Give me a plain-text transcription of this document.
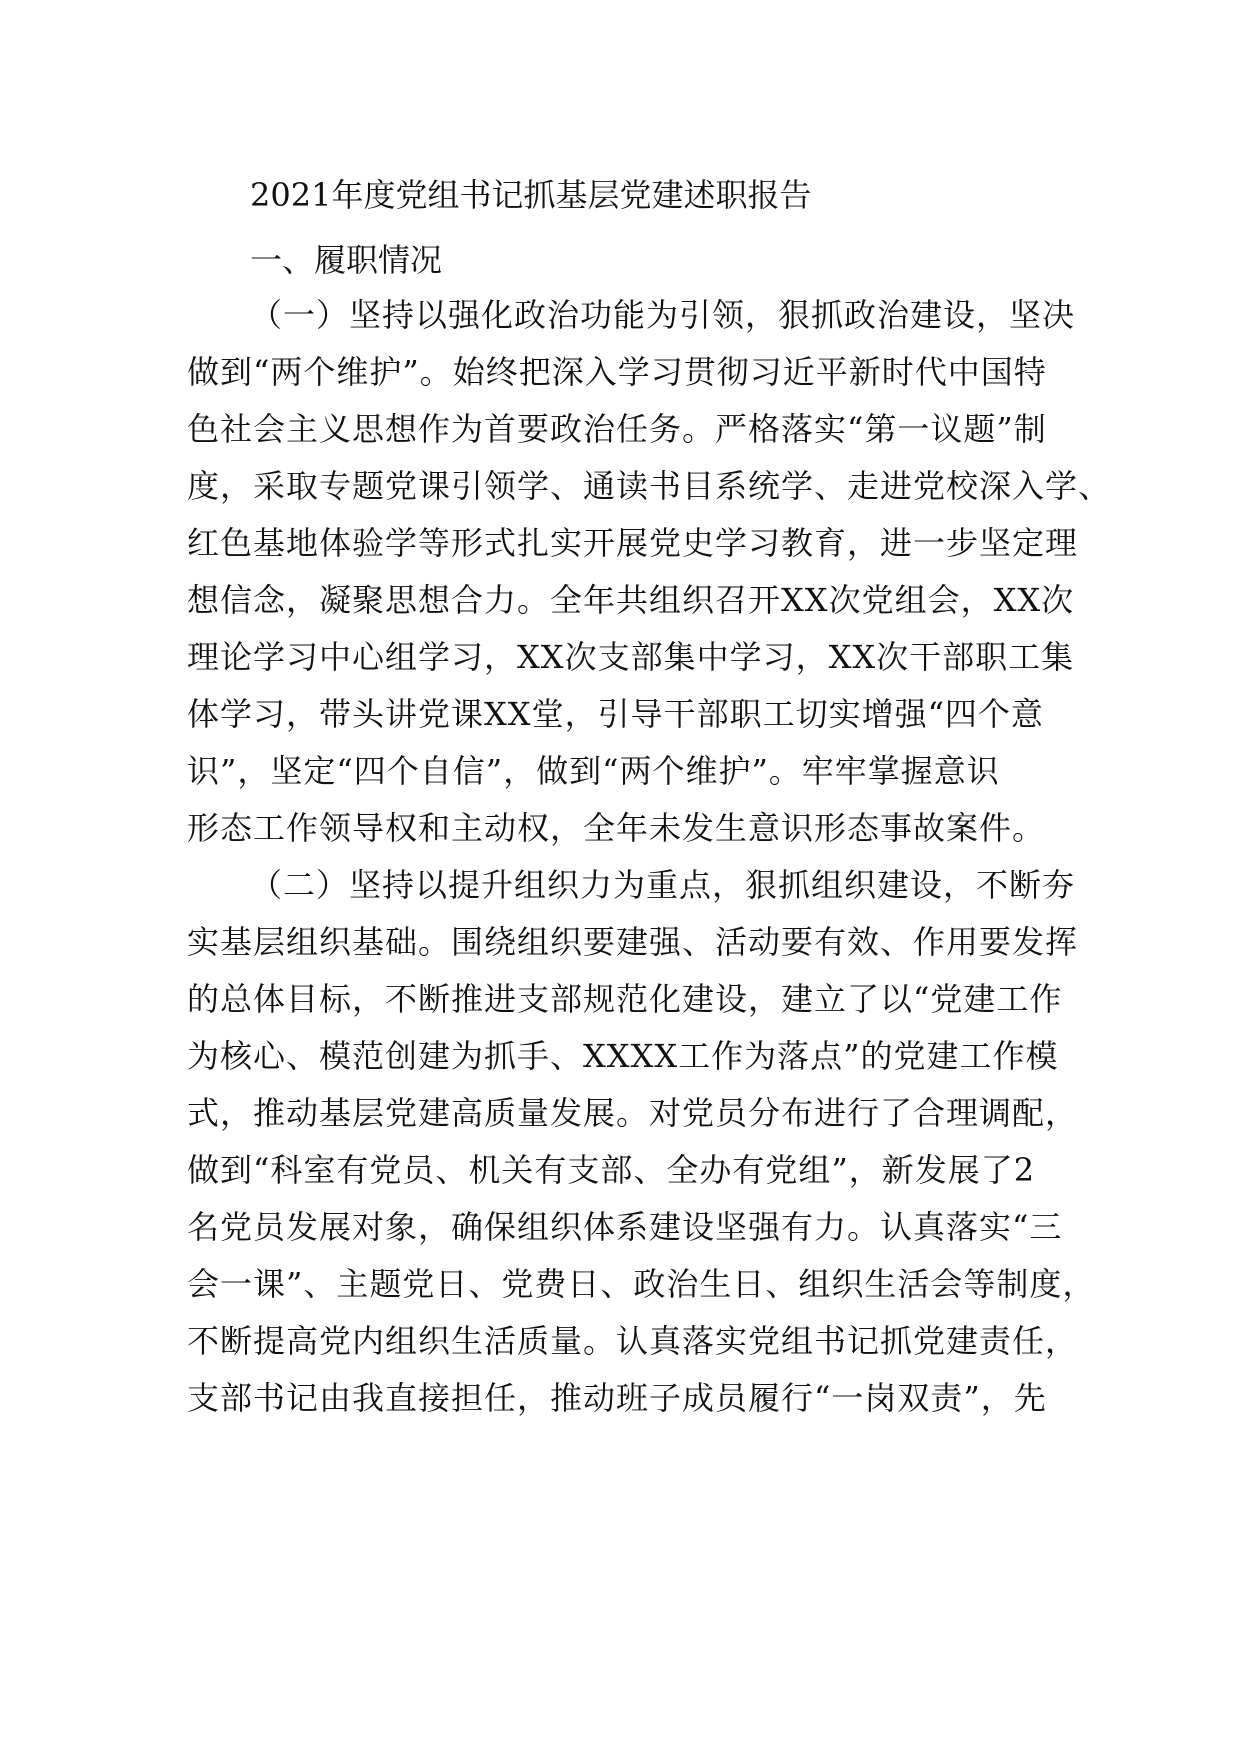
2021年度党组书记抓基层党建述职报告
一、履职情况
（一）坚持以强化政治功能为引领，狠抓政治建设，坚决
做到“两个维护”。始终把深入学习贯彻习近平新时代中国特
色社会主义思想作为首要政治任务。严格落实“第一议题”制
度，采取专题党课引领学、通读书目系统学、走进党校深入学、
红色基地体验学等形式扎实开展党史学习教育，进一步坚定理
想信念，凝聚思想合力。全年共组织召开XX次党组会，XX次
理论学习中心组学习，XX次支部集中学习，XX次干部职工集
体学习，带头讲党课XX堂，引导干部职工切实增强“四个意
识”，坚定“四个自信”，做到“两个维护”。牢牢掌握意识
形态工作领导权和主动权，全年未发生意识形态事故案件。
（二）坚持以提升组织力为重点，狠抓组织建设，不断夯
实基层组织基础。围绕组织要建强、活动要有效、作用要发挥
的总体目标，不断推进支部规范化建设，建立了以“党建工作
为核心、模范创建为抓手、XXXX工作为落点”的党建工作模
式，推动基层党建高质量发展。对党员分布进行了合理调配，
做到“科室有党员、机关有支部、全办有党组”，新发展了2
名党员发展对象，确保组织体系建设坚强有力。认真落实“三
会一课”、主题党日、党费日、政治生日、组织生活会等制度，
不断提高党内组织生活质量。认真落实党组书记抓党建责任，
支部书记由我直接担任，推动班子成员履行“一岗双责”，先
